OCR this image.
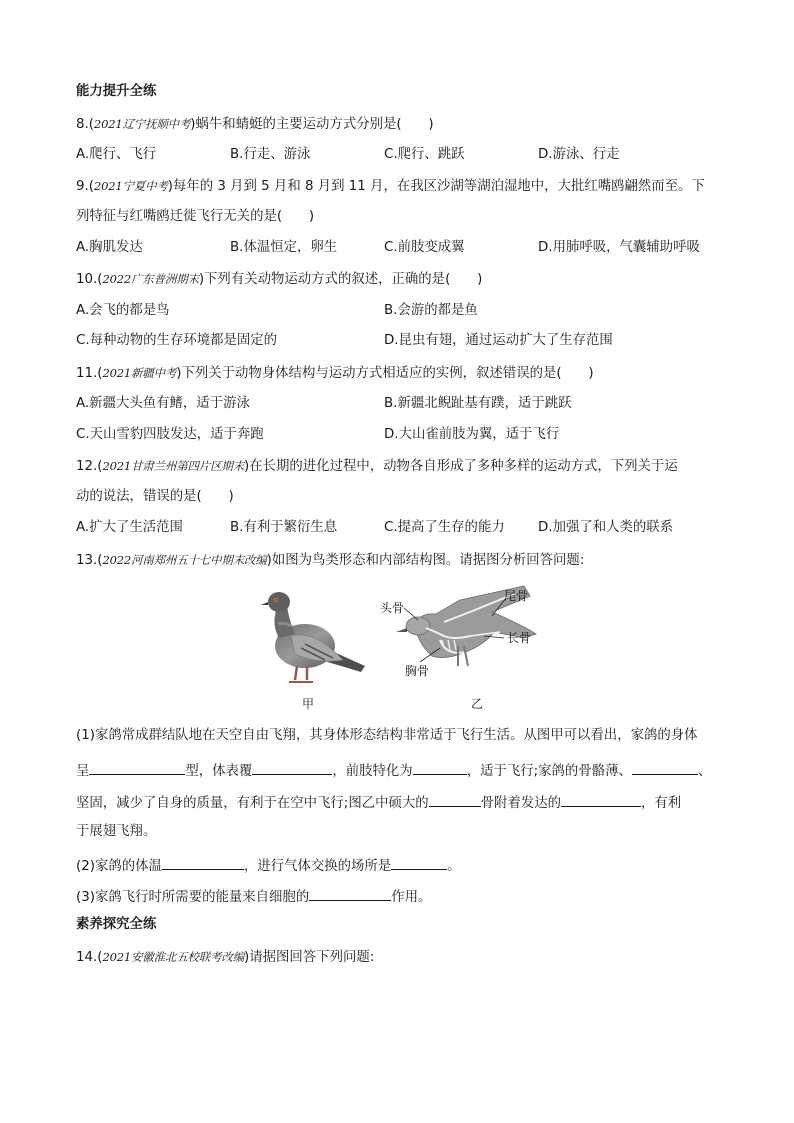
能力提升全练
8.(2021辽宁抚顺中考)蜗牛和蜻蜓的主要运动方式分别是(　　)
A.爬行、飞行	B.行走、游泳	C.爬行、跳跃	D.游泳、行走
9.(2021宁夏中考)每年的 3 月到 5 月和 8 月到 11 月，在我区沙湖等湖泊湿地中，大批红嘴鸥翩然而至。下
列特征与红嘴鸥迁徙飞行无关的是(　　)
A.胸肌发达	B.体温恒定，卵生	C.前肢变成翼	D.用肺呼吸，气囊辅助呼吸
10.(2022广东普洲期末)下列有关动物运动方式的叙述，正确的是(　　)
A.会飞的都是鸟	B.会游的都是鱼
C.每种动物的生存环境都是固定的	D.昆虫有翅，通过运动扩大了生存范围
11.(2021新疆中考)下列关于动物身体结构与运动方式相适应的实例，叙述错误的是(　　)
A.新疆大头鱼有鳍，适于游泳	B.新疆北鲵趾基有蹼，适于跳跃
C.天山雪豹四肢发达，适于奔跑	D.大山雀前肢为翼，适于飞行
12.(2021甘肃兰州第四片区期末)在长期的进化过程中，动物各自形成了多种多样的运动方式，下列关于运
动的说法，错误的是(　　)
A.扩大了生活范围	B.有利于繁衍生息	C.提高了生存的能力 D.加强了和人类的联系
13.(2022河南郑州五十七中期末改编)如图为鸟类形态和内部结构图。请据图分析回答问题:
甲
头骨
尾骨
长骨
胸骨
乙
(1)家鸽常成群结队地在天空自由飞翔，其身体形态结构非常适于飞行生活。从图甲可以看出，家鸽的身体
呈	型，体表覆	，前肢特化为	，适于飞行;家鸽的骨骼薄、	、
坚固，减少了自身的质量，有利于在空中飞行;图乙中硕大的	骨附着发达的	，有利
于展翅飞翔。
(2)家鸽的体温	，进行气体交换的场所是	。
(3)家鸽飞行时所需要的能量来自细胞的	作用。
素养探究全练
14.(2021安徽淮北五校联考改编)请据图回答下列问题:
